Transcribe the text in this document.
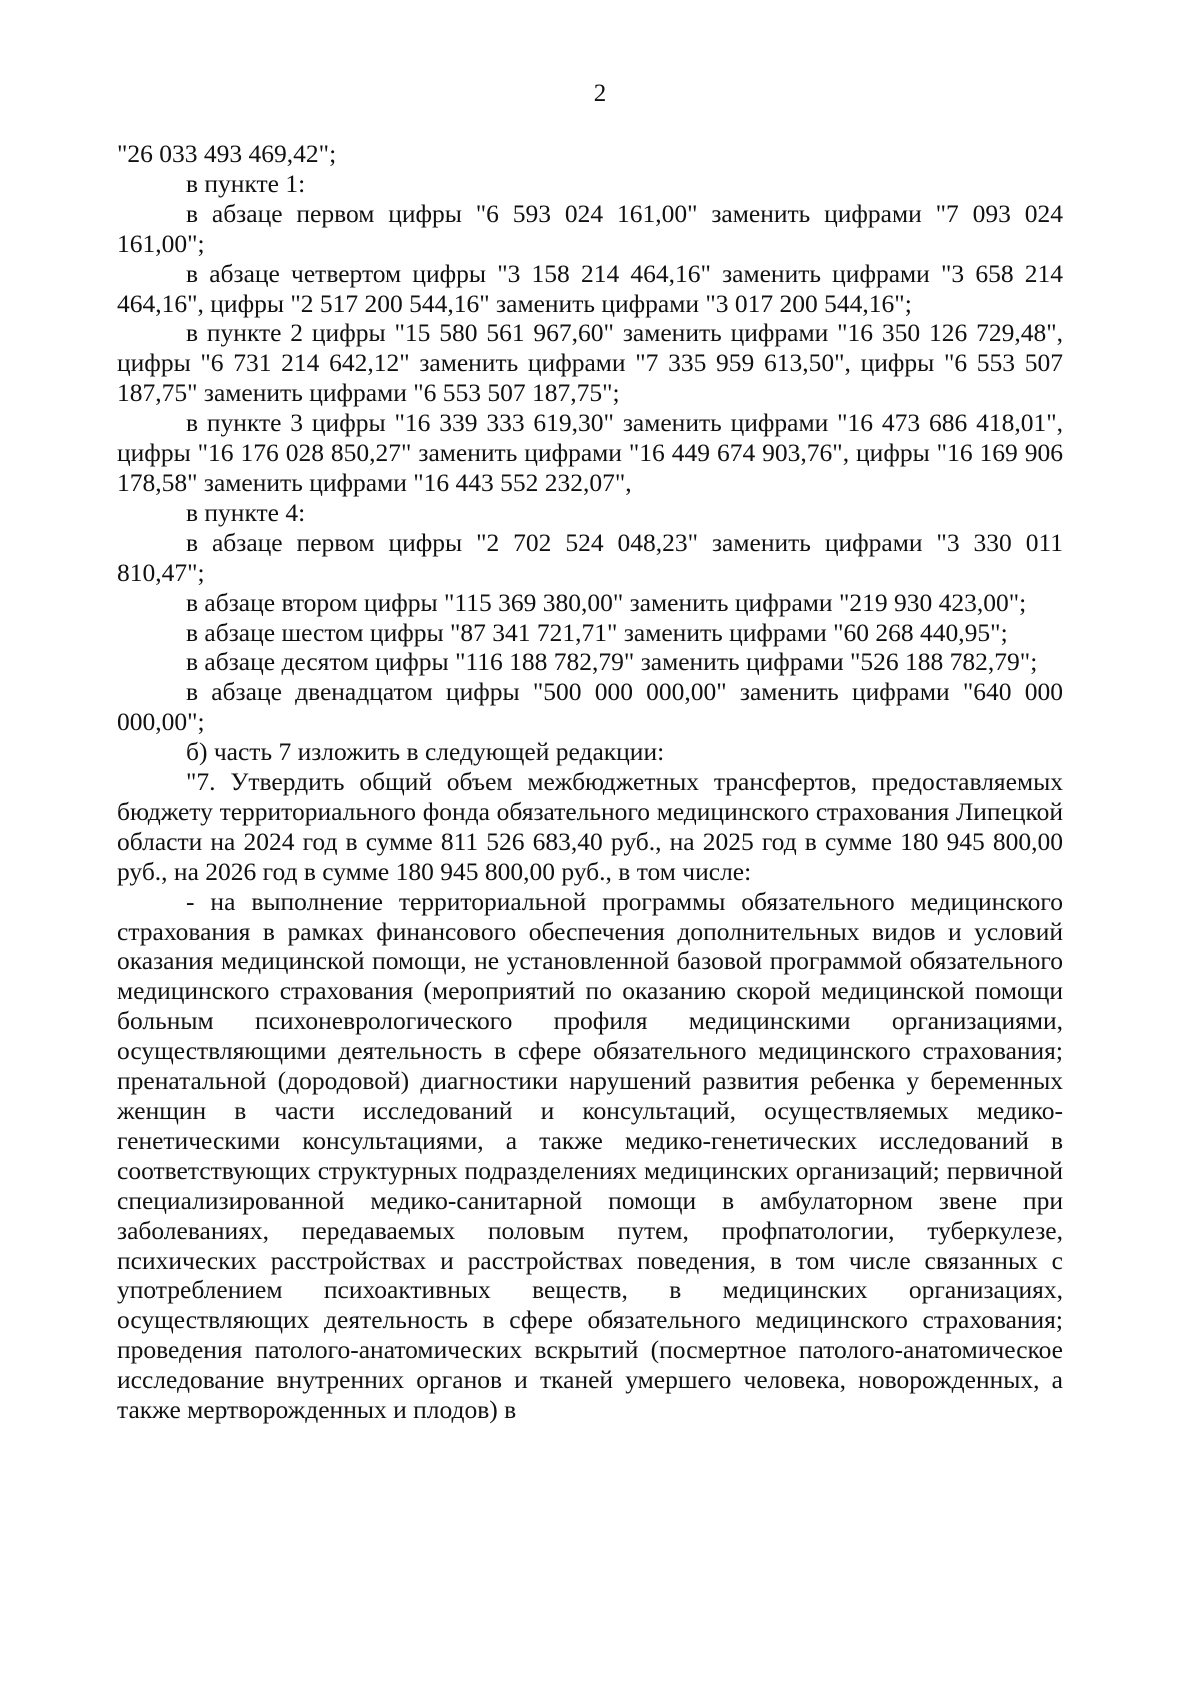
2

"26 033 493 469,42";

в пункте 1:

в абзаце первом цифры "6 593 024 161,00" заменить цифрами "7 093 024 161,00";

в абзаце четвертом цифры "3 158 214 464,16" заменить цифрами "3 658 214 464,16", цифры "2 517 200 544,16" заменить цифрами "3 017 200 544,16";

в пункте 2 цифры "15 580 561 967,60" заменить цифрами "16 350 126 729,48", цифры "6 731 214 642,12" заменить цифрами "7 335 959 613,50", цифры "6 553 507 187,75" заменить цифрами "6 553 507 187,75";

в пункте 3 цифры "16 339 333 619,30" заменить цифрами "16 473 686 418,01", цифры "16 176 028 850,27" заменить цифрами "16 449 674 903,76", цифры "16 169 906 178,58" заменить цифрами "16 443 552 232,07",

в пункте 4:

в абзаце первом цифры "2 702 524 048,23" заменить цифрами "3 330 011 810,47";

в абзаце втором цифры "115 369 380,00" заменить цифрами "219 930 423,00";

в абзаце шестом цифры "87 341 721,71" заменить цифрами "60 268 440,95";

в абзаце десятом цифры "116 188 782,79" заменить цифрами "526 188 782,79";

в абзаце двенадцатом цифры "500 000 000,00" заменить цифрами "640 000 000,00";

б) часть 7 изложить в следующей редакции:

"7. Утвердить общий объем межбюджетных трансфертов, предоставляемых бюджету территориального фонда обязательного медицинского страхования Липецкой области на 2024 год в сумме 811 526 683,40 руб., на 2025 год в сумме 180 945 800,00 руб., на 2026 год в сумме 180 945 800,00 руб., в том числе:

- на выполнение территориальной программы обязательного медицинского страхования в рамках финансового обеспечения дополнительных видов и условий оказания медицинской помощи, не установленной базовой программой обязательного медицинского страхования (мероприятий по оказанию скорой медицинской помощи больным психоневрологического профиля медицинскими организациями, осуществляющими деятельность в сфере обязательного медицинского страхования; пренатальной (дородовой) диагностики нарушений развития ребенка у беременных женщин в части исследований и консультаций, осуществляемых медико-генетическими консультациями, а также медико-генетических исследований в соответствующих структурных подразделениях медицинских организаций; первичной специализированной медико-санитарной помощи в амбулаторном звене при заболеваниях, передаваемых половым путем, профпатологии, туберкулезе, психических расстройствах и расстройствах поведения, в том числе связанных с употреблением психоактивных веществ, в медицинских организациях, осуществляющих деятельность в сфере обязательного медицинского страхования; проведения патолого-анатомических вскрытий (посмертное патолого-анатомическое исследование внутренних органов и тканей умершего человека, новорожденных, а также мертворожденных и плодов) в
